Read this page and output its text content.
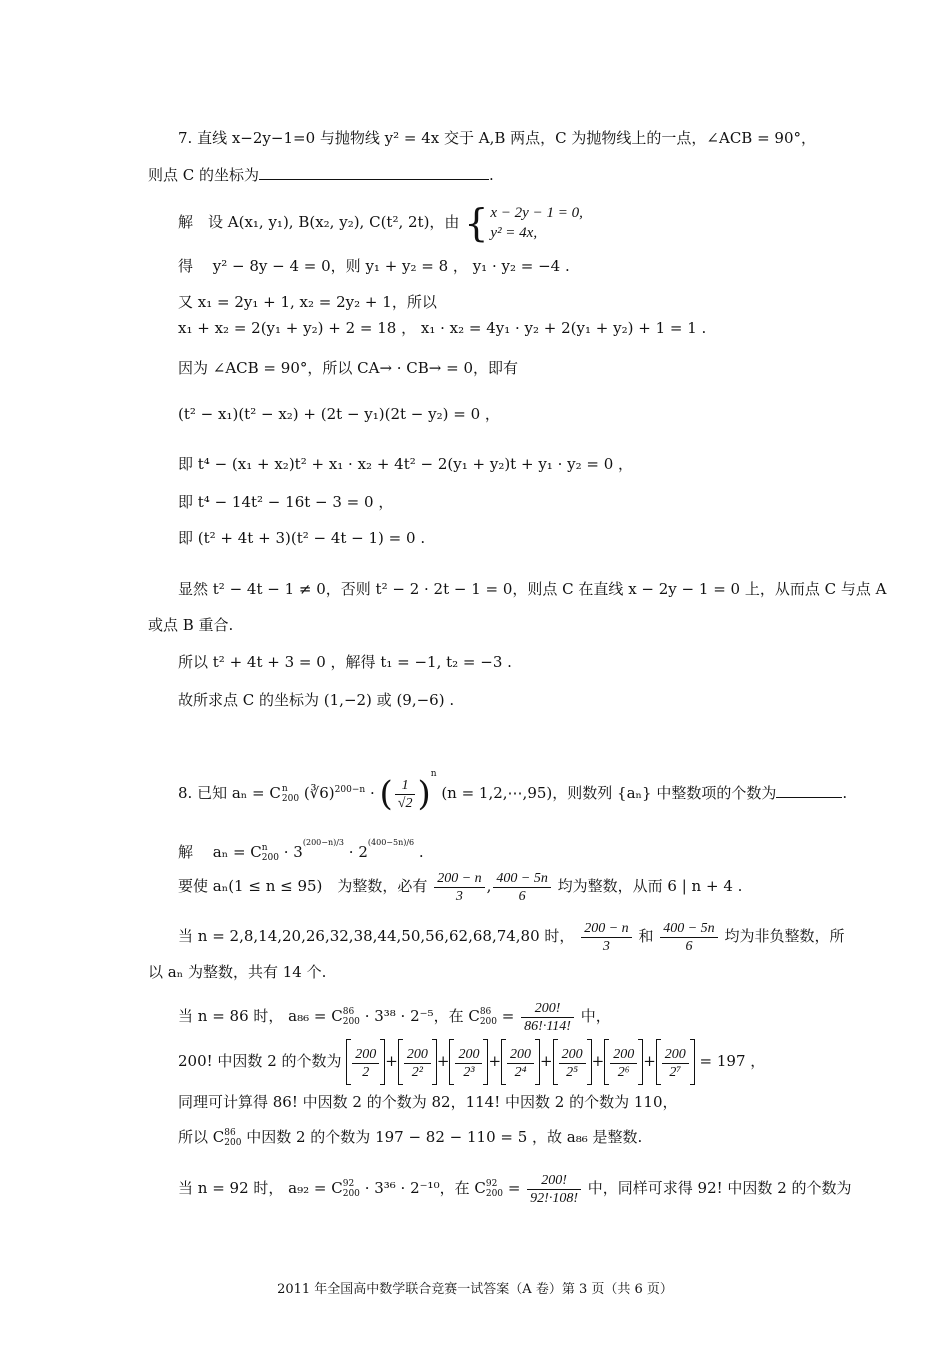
7. 直线 x−2y−1=0 与抛物线 y² = 4x 交于 A,B 两点，C 为抛物线上的一点，∠ACB = 90°，
则点 C 的坐标为	.
解　设 A(x₁, y₁), B(x₂, y₂), C(t², 2t)，由 { x − 2y − 1 = 0,
y² = 4x,
得　 y² − 8y − 4 = 0，则 y₁ + y₂ = 8 ， y₁ · y₂ = −4 .
又 x₁ = 2y₁ + 1, x₂ = 2y₂ + 1，所以
x₁ + x₂ = 2(y₁ + y₂) + 2 = 18 ， x₁ · x₂ = 4y₁ · y₂ + 2(y₁ + y₂) + 1 = 1 .
因为 ∠ACB = 90°，所以 CA→ · CB→ = 0，即有
(t² − x₁)(t² − x₂) + (2t − y₁)(2t − y₂) = 0 ，
即 t⁴ − (x₁ + x₂)t² + x₁ · x₂ + 4t² − 2(y₁ + y₂)t + y₁ · y₂ = 0 ，
即 t⁴ − 14t² − 16t − 3 = 0 ，
即 (t² + 4t + 3)(t² − 4t − 1) = 0 .
显然 t² − 4t − 1 ≠ 0，否则 t² − 2 · 2t − 1 = 0，则点 C 在直线 x − 2y − 1 = 0 上，从而点 C 与点 A
或点 B 重合.
所以 t² + 4t + 3 = 0 ，解得 t₁ = −1, t₂ = −3 .
故所求点 C 的坐标为 (1,−2) 或 (9,−6) .
8. 已知 aₙ = C n
200 (∛6)$^{200-n}$ · ( $\frac{1}{√2} )^n$ (n = 1,2,⋯,95)，则数列 {aₙ} 中整数项的个数为	.
解　 aₙ = C n
$200 \cdot 3^{(200-n)/3} \cdot 2^{(400-5n)/6}$ .
要使 aₙ(1 ≤ n ≤ 95)　为整数，必有 $\frac{200 - n}{3}$ , $\frac{400 - 5n}{6}$ 均为整数，从而 6 | n + 4 .
当 n = 2,8,14,20,26,32,38,44,50,56,62,68,74,80 时， $\frac{200 - n}{3}$ 和 $\frac{400 - 5n}{6}$ 均为非负整数，所
以 aₙ 为整数，共有 14 个.
当 n = 86 时， a₈₆ = C 86
200 · 3³⁸ · 2⁻⁵，在 C 86
$200 = \frac{200!}{86!\cdot 114!}$ 中，
200! 中因数 2 的个数为 $\frac{200}{2} + \frac{200}{\text{2²}} + \frac{200}{\text{2³}} + \frac{200}{\text{2⁴}} + \frac{200}{\text{2⁵}} + \frac{200}{\text{2⁶}} + \frac{200}{\text{2⁷}} = 197$ ，
同理可计算得 86! 中因数 2 的个数为 82，114! 中因数 2 的个数为 110，
所以 C 86
200 中因数 2 的个数为 197 − 82 − 110 = 5 ，故 a₈₆ 是整数.
当 n = 92 时， a₉₂ = C 92
200 · 3³⁶ · 2⁻¹⁰，在 C 92
$200 = \frac{200!}{92!\cdot 108!}$ 中，同样可求得 92! 中因数 2 的个数为
2011 年全国高中数学联合竞赛一试答案（A 卷）第 3 页（共 6 页）
